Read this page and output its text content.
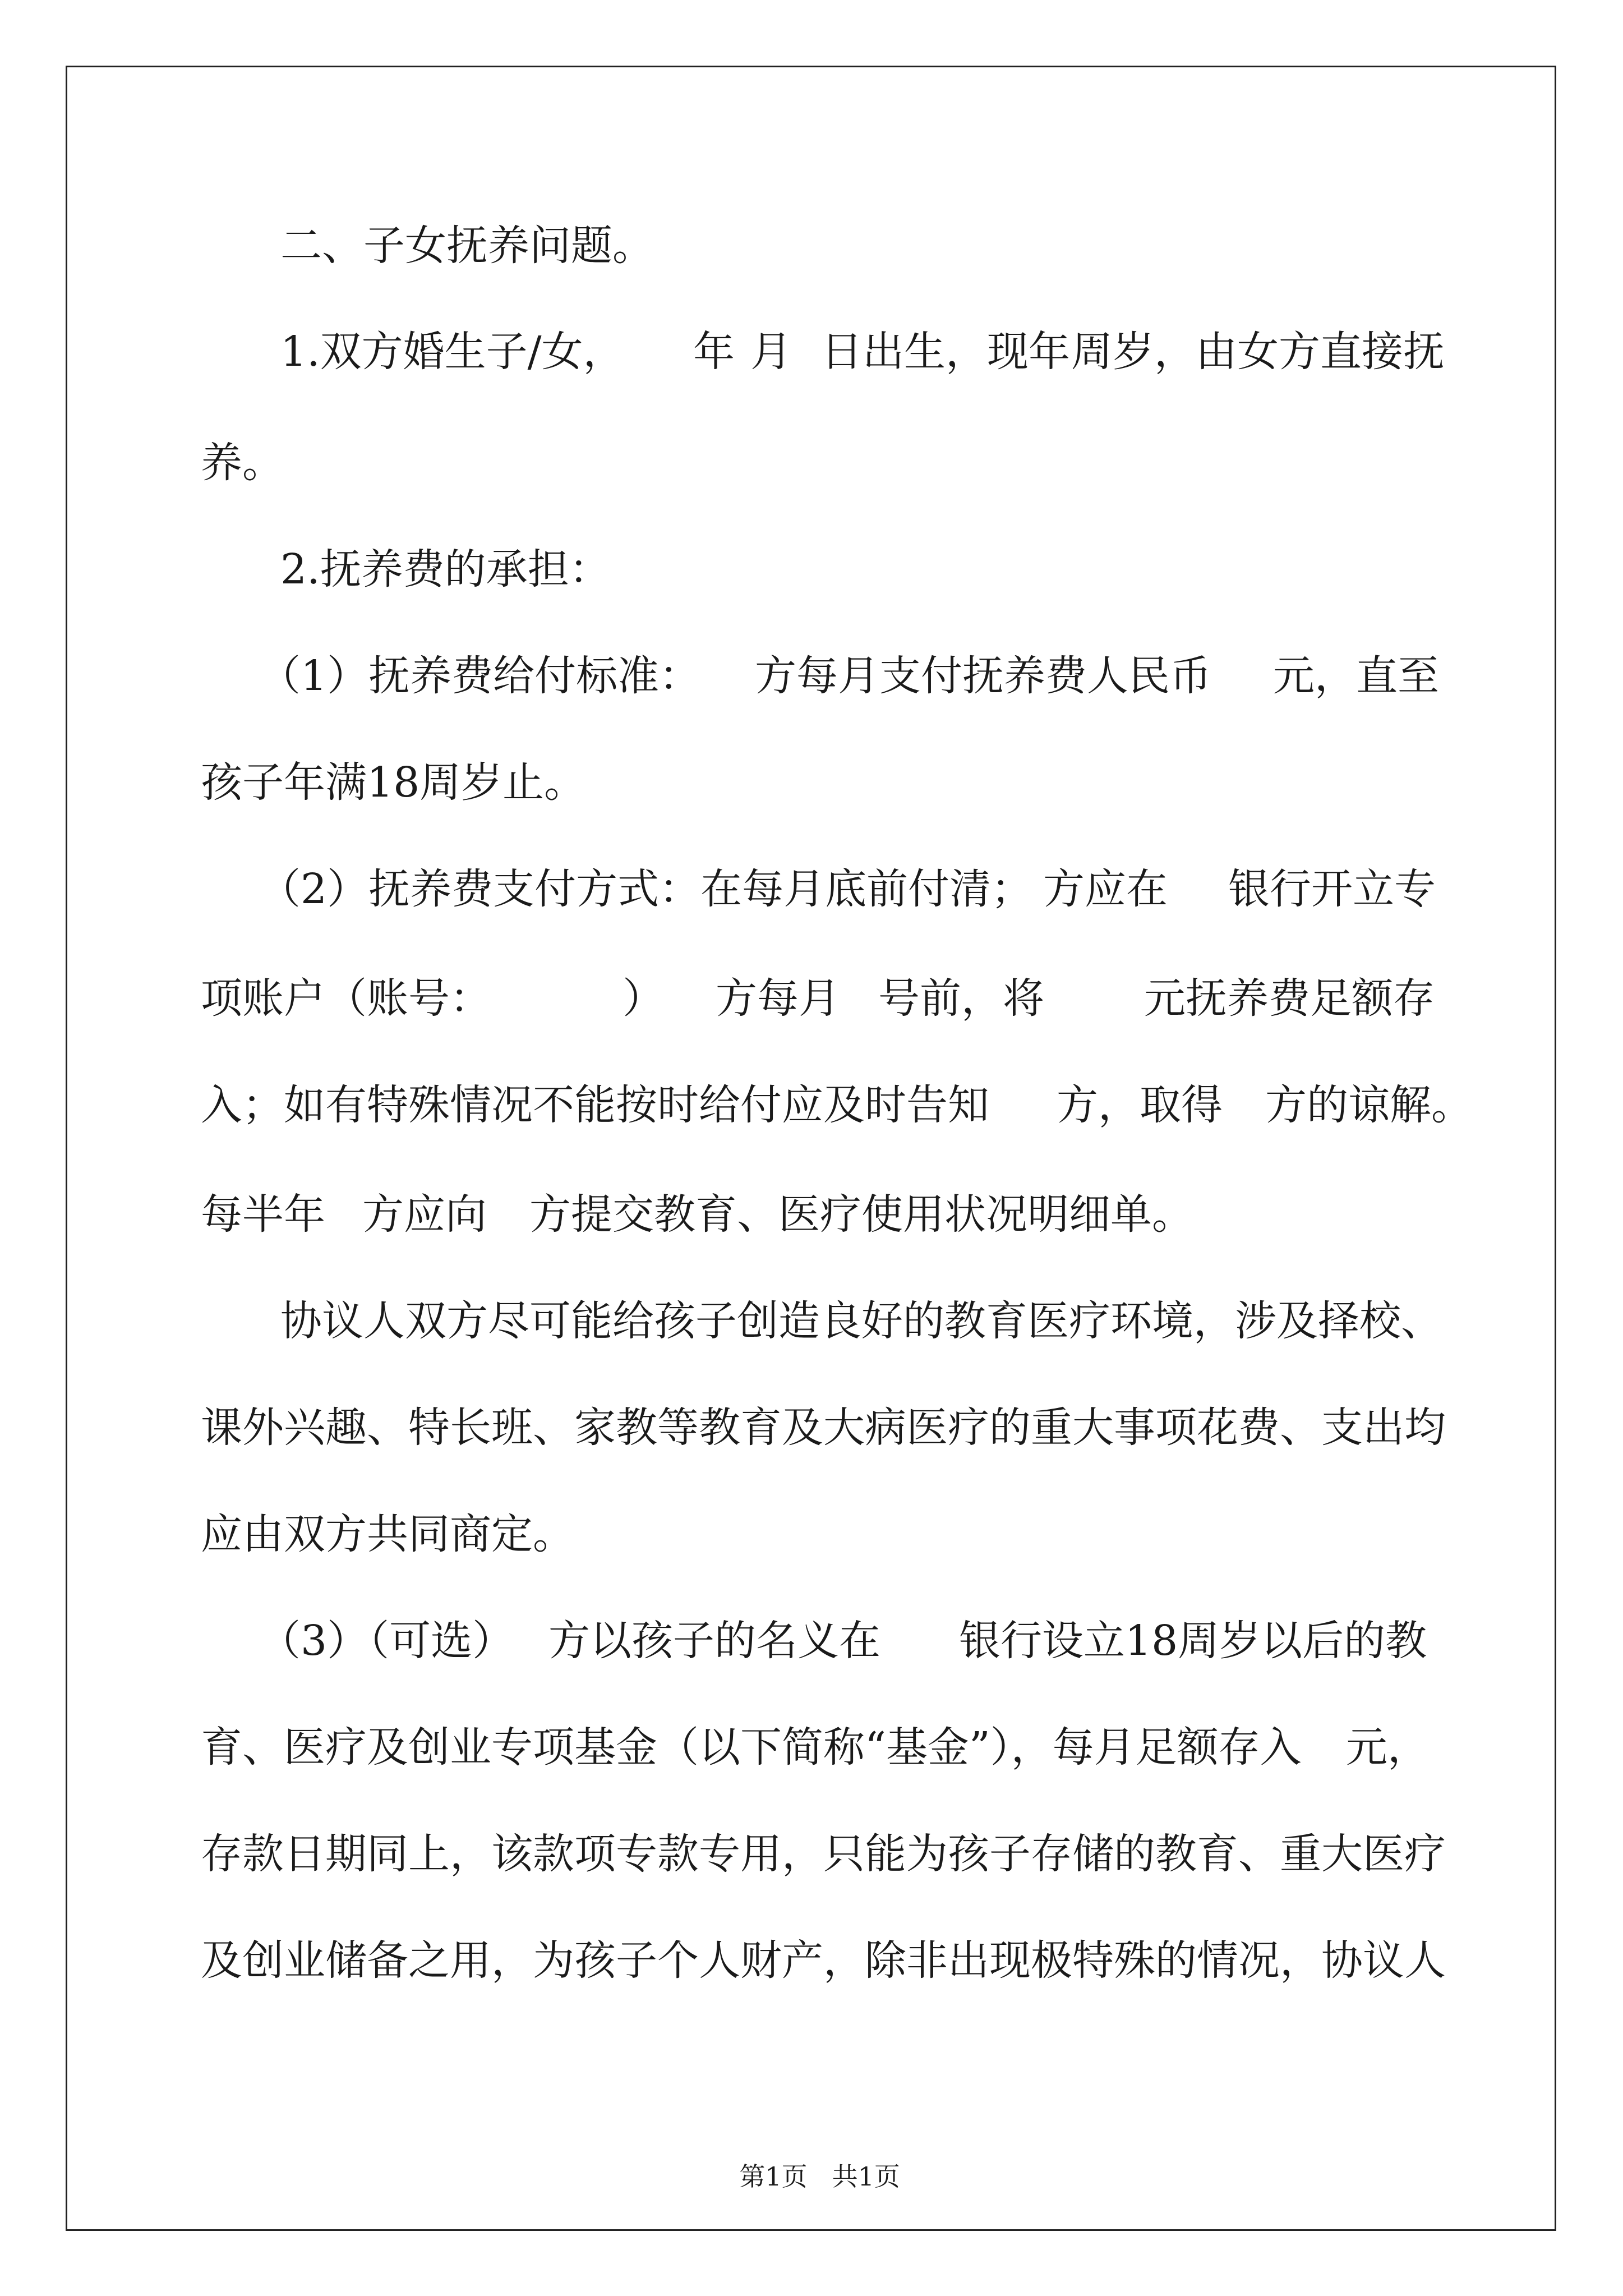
二、子女抚养问题。

1.双方婚生子/女，

年

月

日出生，现年

周岁，由女方直接抚

养。

2.抚养费的承担：

（1）抚养费给付标准：

方每月支付抚养费人民币

元，直至

孩子年满18周岁止。

（2）抚养费支付方式：在每月底前付清；

方应在

银行开立专

项账户（账号：

	）

方每月

号前，将

元抚养费足额存

入；如有特殊情况不能按时给付应及时告知

方，取得

方的谅解。

每半年

方应向

方提交教育、医疗使用状况明细单。

协议人双方尽可能给孩子创造良好的教育医疗环境，涉及择校、

课外兴趣、特长班、家教等教育及大病医疗的重大事项花费、支出均

应由双方共同商定。

（3）（可选）

方以孩子的名义在

银行设立18周岁以后的教

育、医疗及创业专项基金（以下简称“基金”），每月足额存入

元，

存款日期同上，该款项专款专用，只能为孩子存储的教育、重大医疗

及创业储备之用，为孩子个人财产，除非出现极特殊的情况，协议人

第1页 共1页
